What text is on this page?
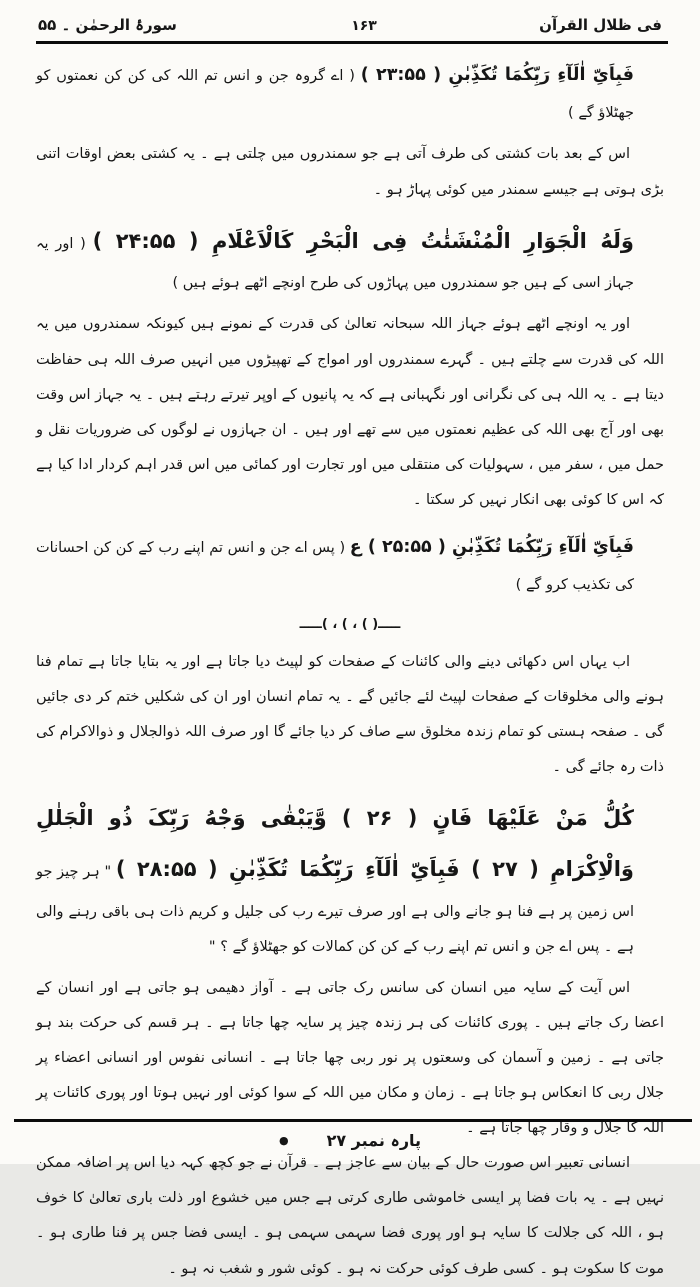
فی ظلال القرآن
۱۶۳
سورۂ الرحمٰن ۔ ۵۵

فَبِاَیِّ اٰلَآءِ رَبِّکُمَا تُکَذِّبٰنِ ( ۲۳:۵۵ ) ( اے گروہ جن و انس تم اللہ کی کن کن نعمتوں کو جھٹلاؤ گے )

اس کے بعد بات کشتی کی طرف آتی ہے جو سمندروں میں چلتی ہے ۔ یہ کشتی بعض اوقات اتنی بڑی ہوتی ہے جیسے سمندر میں کوئی پہاڑ ہو ۔

وَلَهُ الْجَوَارِ الْمُنْشَئٰتُ فِی الْبَحْرِ کَالْاَعْلَامِ ( ۲۴:۵۵ ) ( اور یہ جہاز اسی کے ہیں جو سمندروں میں پہاڑوں کی طرح اونچے اٹھے ہوئے ہیں )

اور یہ اونچے اٹھے ہوئے جہاز اللہ سبحانہ تعالیٰ کی قدرت کے نمونے ہیں کیونکہ سمندروں میں یہ اللہ کی قدرت سے چلتے ہیں ۔ گہرے سمندروں اور امواج کے تھپیڑوں میں انہیں صرف اللہ ہی حفاظت دیتا ہے ۔ یہ اللہ ہی کی نگرانی اور نگہبانی ہے کہ یہ پانیوں کے اوپر تیرتے رہتے ہیں ۔ یہ جہاز اس وقت بھی اور آج بھی اللہ کی عظیم نعمتوں میں سے تھے اور ہیں ۔ ان جہازوں نے لوگوں کی ضروریات نقل و حمل میں ، سفر میں ، سہولیات کی منتقلی میں اور تجارت اور کمائی میں اس قدر اہم کردار ادا کیا ہے کہ اس کا کوئی بھی انکار نہیں کر سکتا ۔

فَبِاَیِّ اٰلَآءِ رَبِّکُمَا تُکَذِّبٰنِ ( ۲۵:۵۵ ) ع ( پس اے جن و انس تم اپنے رب کے کن کن احسانات کی تکذیب کرو گے )

ـــــ( ) ، ) ، )ـــــ

اب یہاں اس دکھائی دینے والی کائنات کے صفحات کو لپیٹ دیا جاتا ہے اور یہ بتایا جاتا ہے تمام فنا ہونے والی مخلوقات کے صفحات لپیٹ لئے جائیں گے ۔ یہ تمام انسان اور ان کی شکلیں ختم کر دی جائیں گی ۔ صفحہ ہستی کو تمام زندہ مخلوق سے صاف کر دیا جائے گا اور صرف اللہ ذوالجلال و ذوالاکرام کی ذات رہ جائے گی ۔

کُلُّ مَنْ عَلَیْهَا فَانٍ ( ۲۶ ) وَّیَبْقٰی وَجْهُ رَبِّکَ ذُو الْجَلٰلِ وَالْاِکْرَامِ ( ۲۷ ) فَبِاَیِّ اٰلَآءِ رَبِّکُمَا تُکَذِّبٰنِ ( ۲۸:۵۵ ) " ہر چیز جو اس زمین پر ہے فنا ہو جانے والی ہے اور صرف تیرے رب کی جلیل و کریم ذات ہی باقی رہنے والی ہے ۔ پس اے جن و انس تم اپنے رب کے کن کن کمالات کو جھٹلاؤ گے ؟ "

اس آیت کے سایہ میں انسان کی سانس رک جاتی ہے ۔ آواز دھیمی ہو جاتی ہے اور انسان کے اعضا رک جاتے ہیں ۔ پوری کائنات کی ہر زندہ چیز پر سایہ چھا جاتا ہے ۔ ہر قسم کی حرکت بند ہو جاتی ہے ۔ زمین و آسمان کی وسعتوں پر نور ربی چھا جاتا ہے ۔ انسانی نفوس اور انسانی اعضاء پر جلال ربی کا انعکاس ہو جاتا ہے ۔ زمان و مکان میں اللہ کے سوا کوئی اور نہیں ہوتا اور پوری کائنات پر اللہ کا جلال و وقار چھا جاتا ہے ۔

انسانی تعبیر اس صورت حال کے بیان سے عاجز ہے ۔ قرآن نے جو کچھ کہہ دیا اس پر اضافہ ممکن نہیں ہے ۔ یہ بات فضا پر ایسی خاموشی طاری کرتی ہے جس میں خشوع اور ذلت باری تعالیٰ کا خوف ہو ، اللہ کی جلالت کا سایہ ہو اور پوری فضا سہمی سہمی ہو ۔ ایسی فضا جس پر فنا طاری ہو ۔ موت کا سکوت ہو ۔ کسی طرف کوئی حرکت نہ ہو ۔ کوئی شور و شغب نہ ہو ۔

پارہ نمبر ۲۷
●
